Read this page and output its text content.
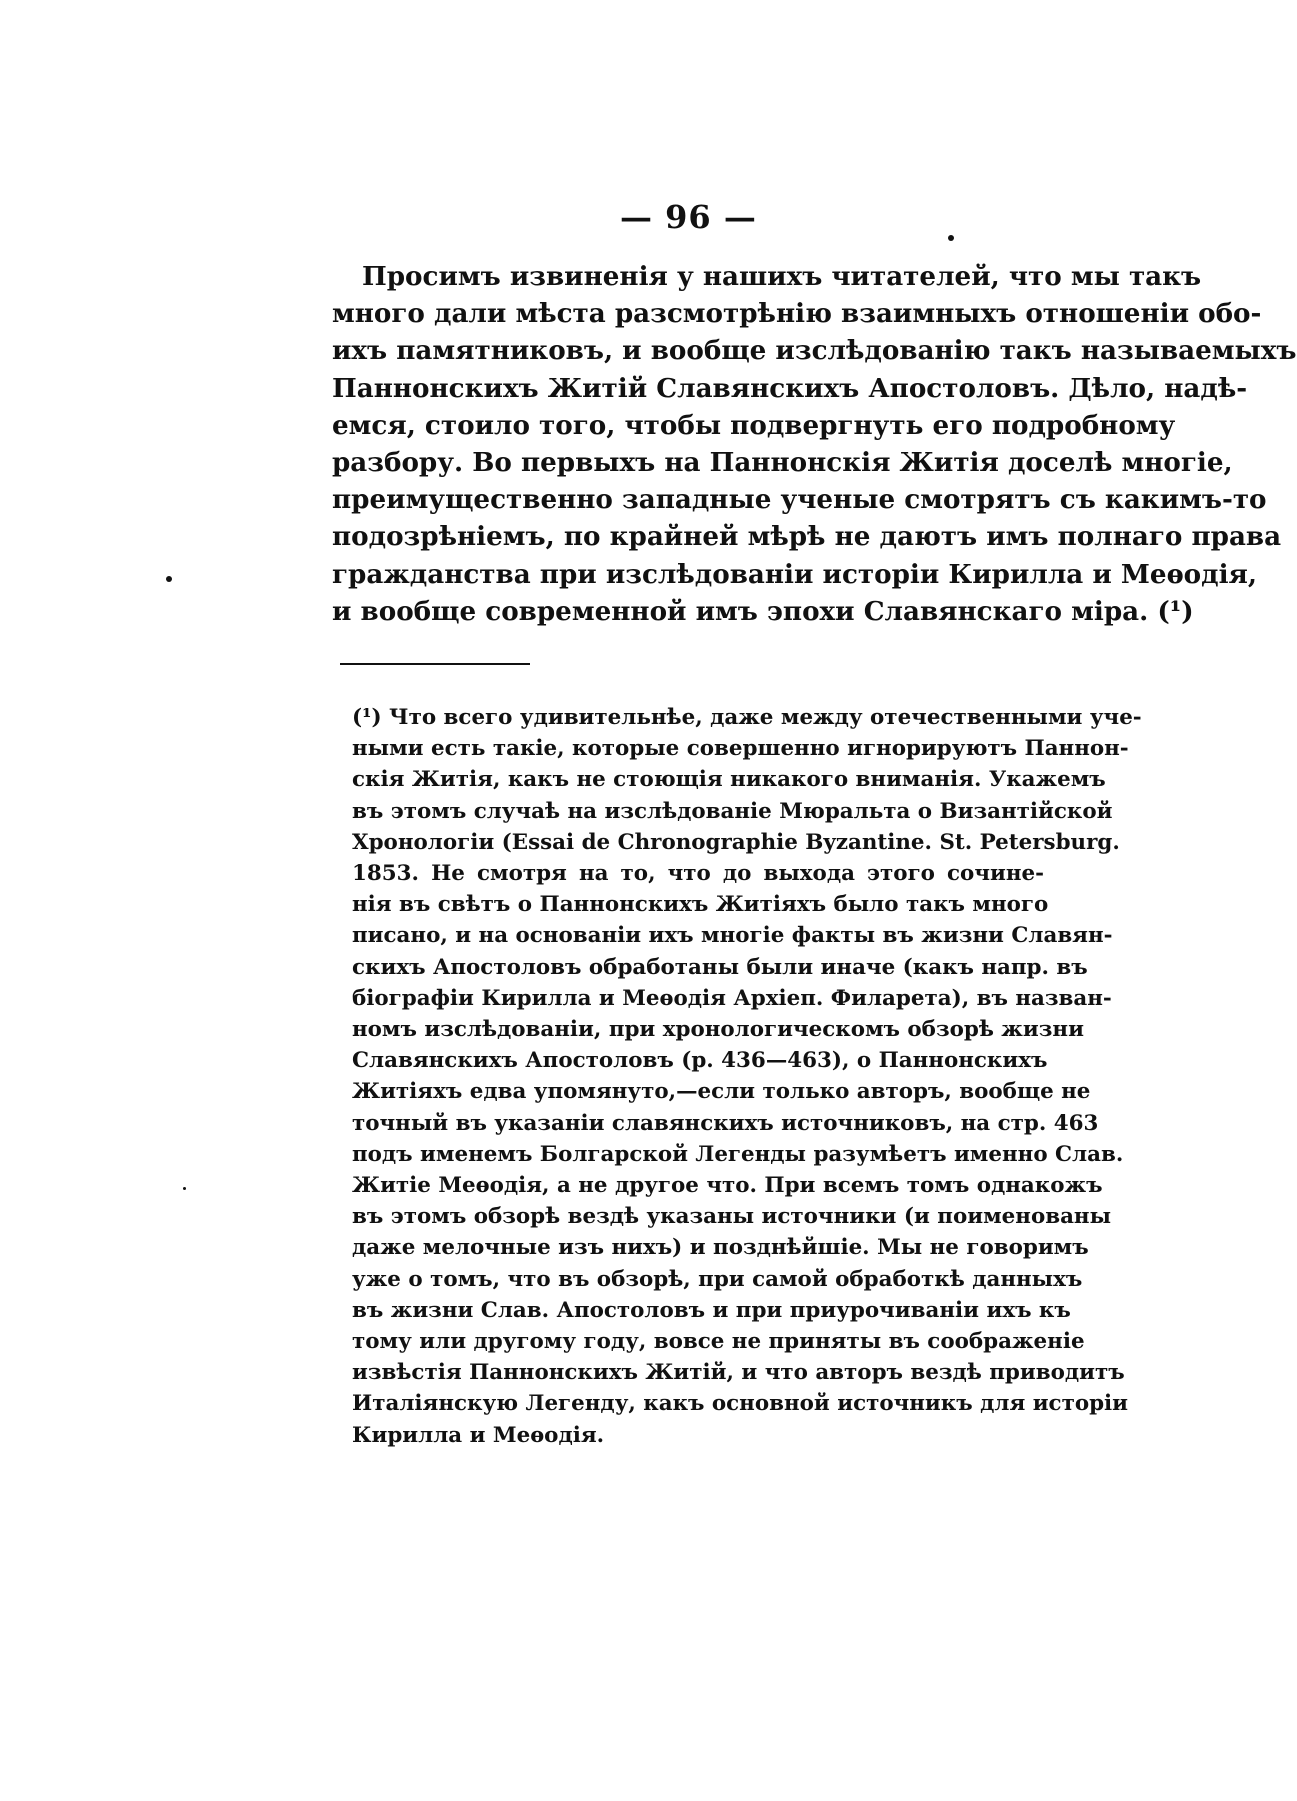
— 96 —
Просимъ извиненія у нашихъ читателей, что мы такъ
много дали мѣста разсмотрѣнію взаимныхъ отношеніи обо-
ихъ памятниковъ, и вообще изслѣдованію такъ называемыхъ
Паннонскихъ Житій Славянскихъ Апостоловъ. Дѣло, надѣ-
емся, стоило того, чтобы подвергнуть его подробному
разбору. Во первыхъ на Паннонскія Житія доселѣ многіе,
преимущественно западные ученые смотрятъ съ какимъ-то
подозрѣніемъ, по крайней мѣрѣ не даютъ имъ полнаго права
гражданства при изслѣдованіи исторіи Кирилла и Меѳодія,
и вообще современной имъ эпохи Славянскаго міра. (¹)
(¹) Что всего удивительнѣе, даже между отечественными уче-
ными есть такіе, которые совершенно игнорируютъ Паннон-
скія Житія, какъ не стоющія никакого вниманія. Укажемъ
въ этомъ случаѣ на изслѣдованіе Мюральта о Византійской
Хронологіи (Essai de Chronographie Byzantine. St. Petersburg.
1853. Не смотря на то, что до выхода этого сочине-
нія въ свѣтъ о Паннонскихъ Житіяхъ было такъ много
писано, и на основаніи ихъ многіе факты въ жизни Славян-
скихъ Апостоловъ обработаны были иначе (какъ напр. въ
біографіи Кирилла и Меѳодія Архіеп. Филарета), въ назван-
номъ изслѣдованіи, при хронологическомъ обзорѣ жизни
Славянскихъ Апостоловъ (р. 436—463), о Паннонскихъ
Житіяхъ едва упомянуто,—если только авторъ, вообще не
точный въ указаніи славянскихъ источниковъ, на стр. 463
подъ именемъ Болгарской Легенды разумѣетъ именно Слав.
Житіе Меѳодія, а не другое что. При всемъ томъ однакожъ
въ этомъ обзорѣ вездѣ указаны источники (и поименованы
даже мелочные изъ нихъ) и позднѣйшіе. Мы не говоримъ
уже о томъ, что въ обзорѣ, при самой обработкѣ данныхъ
въ жизни Слав. Апостоловъ и при приурочиваніи ихъ къ
тому или другому году, вовсе не приняты въ соображеніе
извѣстія Паннонскихъ Житій, и что авторъ вездѣ приводитъ
Италіянскую Легенду, какъ основной источникъ для исторіи
Кирилла и Меѳодія.
